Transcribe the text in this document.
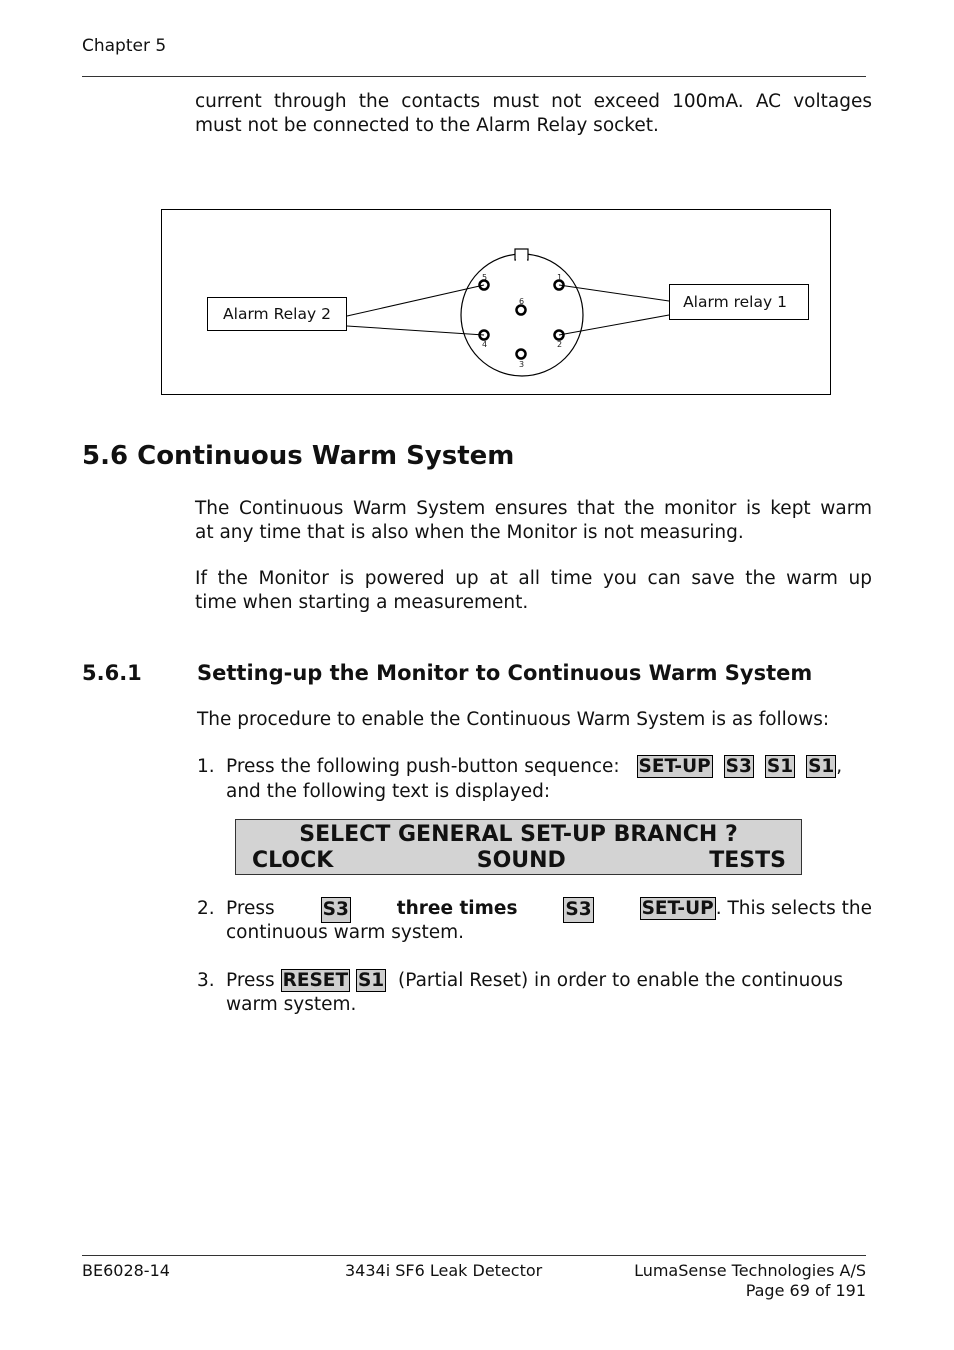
Chapter 5
current through the contacts must not exceed 100mA. AC voltages
must not be connected to the Alarm Relay socket.
5	1
6
4	2
3
Alarm Relay 2
Alarm relay 1
5.6 Continuous Warm System
The Continuous Warm System ensures that the monitor is kept warm
at any time that is also when the Monitor is not measuring.
If the Monitor is powered up at all time you can save the warm up
time when starting a measurement.
5.6.1	Setting-up the Monitor to Continuous Warm System
The procedure to enable the Continuous Warm System is as follows:
1. Press the following push-button sequence: SET-UP S3 S1 S1 ,
and the following text is displayed:
SELECT GENERAL SET-UP BRANCH ?
CLOCK	SOUND	TESTS
2. Press	S3	three times	S3	SET-UP . This selects the
continuous warm system.
3. Press RESET S1 (Partial Reset) in order to enable the continuous
warm system.
BE6028-14	3434i SF6 Leak Detector	LumaSense Technologies A/S
Page 69 of 191
